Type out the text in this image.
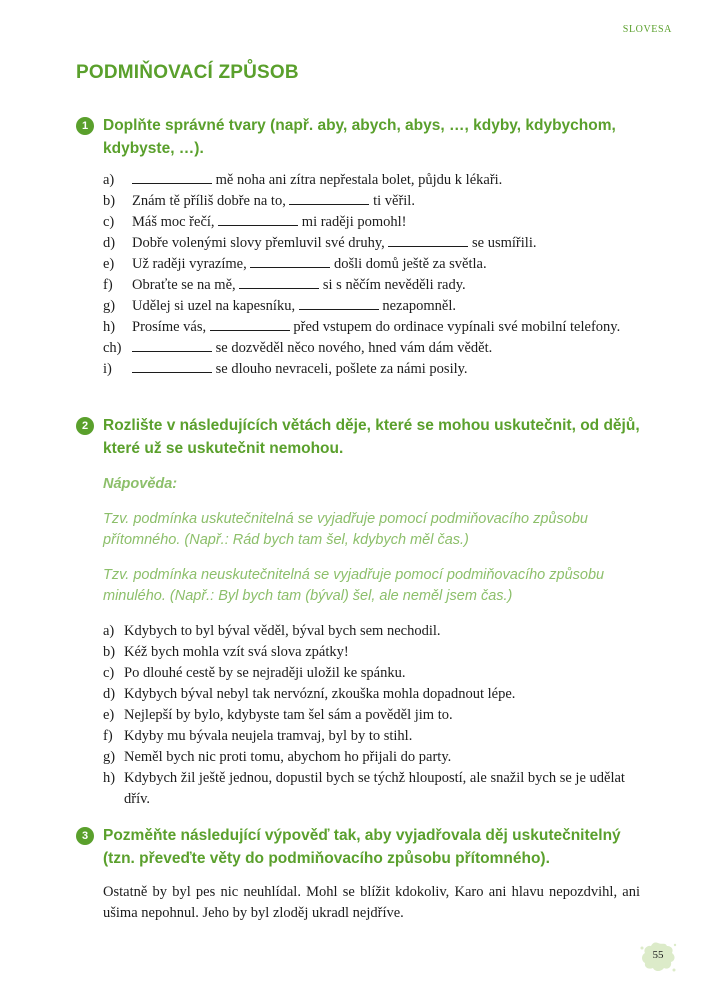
SLOVESA
PODMIŇOVACÍ ZPŮSOB
1 Doplňte správné tvary (např. aby, abych, abys, …, kdyby, kdybychom, kdybyste, …).
a)	mě noha ani zítra nepřestala bolet, půjdu k lékaři.
b) Znám tě příliš dobře na to,	ti věřil.
c) Máš moc řečí,	mi raději pomohl!
d) Dobře volenými slovy přemluvil své druhy,	se usmířili.
e) Už raději vyrazíme,	došli domů ještě za světla.
f) Obraťte se na mě,	si s něčím nevěděli rady.
g) Udělej si uzel na kapesníku,	nezapomněl.
h) Prosíme vás,	před vstupem do ordinace vypínali své mobilní telefony.
ch)	se dozvěděl něco nového, hned vám dám vědět.
i)	se dlouho nevraceli, pošlete za námi posily.
2 Rozlište v následujících větách děje, které se mohou uskutečnit, od dějů, které už se uskutečnit nemohou.
Nápověda:
Tzv. podmínka uskutečnitelná se vyjadřuje pomocí podmiňovacího způsobu přítomného. (Např.: Rád bych tam šel, kdybych měl čas.)
Tzv. podmínka neuskutečnitelná se vyjadřuje pomocí podmiňovacího způsobu minulého. (Např.: Byl bych tam (býval) šel, ale neměl jsem čas.)
a) Kdybych to byl býval věděl, býval bych sem nechodil.
b) Kéž bych mohla vzít svá slova zpátky!
c) Po dlouhé cestě by se nejraději uložil ke spánku.
d) Kdybych býval nebyl tak nervózní, zkouška mohla dopadnout lépe.
e) Nejlepší by bylo, kdybyste tam šel sám a pověděl jim to.
f) Kdyby mu bývala neujela tramvaj, byl by to stihl.
g) Neměl bych nic proti tomu, abychom ho přijali do party.
h) Kdybych žil ještě jednou, dopustil bych se týchž hloupostí, ale snažil bych se je udělat dřív.
3 Pozměňte následující výpověď tak, aby vyjadřovala děj uskutečnitelný (tzn. převeďte věty do podmiňovacího způsobu přítomného).
Ostatně by byl pes nic neuhlídal. Mohl se blížit kdokoliv, Karo ani hlavu nepozdvihl, ani ušima nepohnul. Jeho by byl zloděj ukradl nejdříve.
55
